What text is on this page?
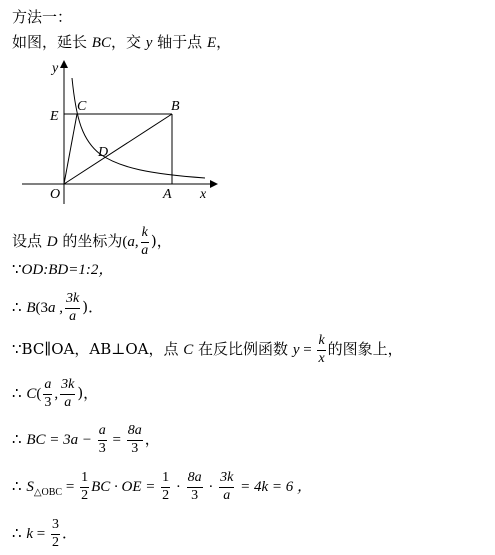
方法一：
如图，延长 BC，交 y 轴于点 E，
y
x
O	A
B
C
D
E
设点 D 的坐标为(a, $\frac{k}{a}$ )，
∵OD:BD=1:2，
∴ B(3a , $\frac{3k}{a}$ )．
∵BC∥OA，AB⊥OA，点 C 在反比例函数 $y = \frac{k}{x}$ 的图象上，
∴ $C( \frac{a}{3}$ , $\frac{3k}{a}$ )，
∴ BC = $3a - \frac{a}{3} = \frac{8a}{3}$ ，
∴ $S_{\triangle OBC} = \frac{1}{2}$ BC · OE = $\frac{1}{2} \cdot \frac{8a}{3} \cdot \frac{3k}{a} = 4k = 6$ ，
∴ $k = \frac{3}{2}$ ．
